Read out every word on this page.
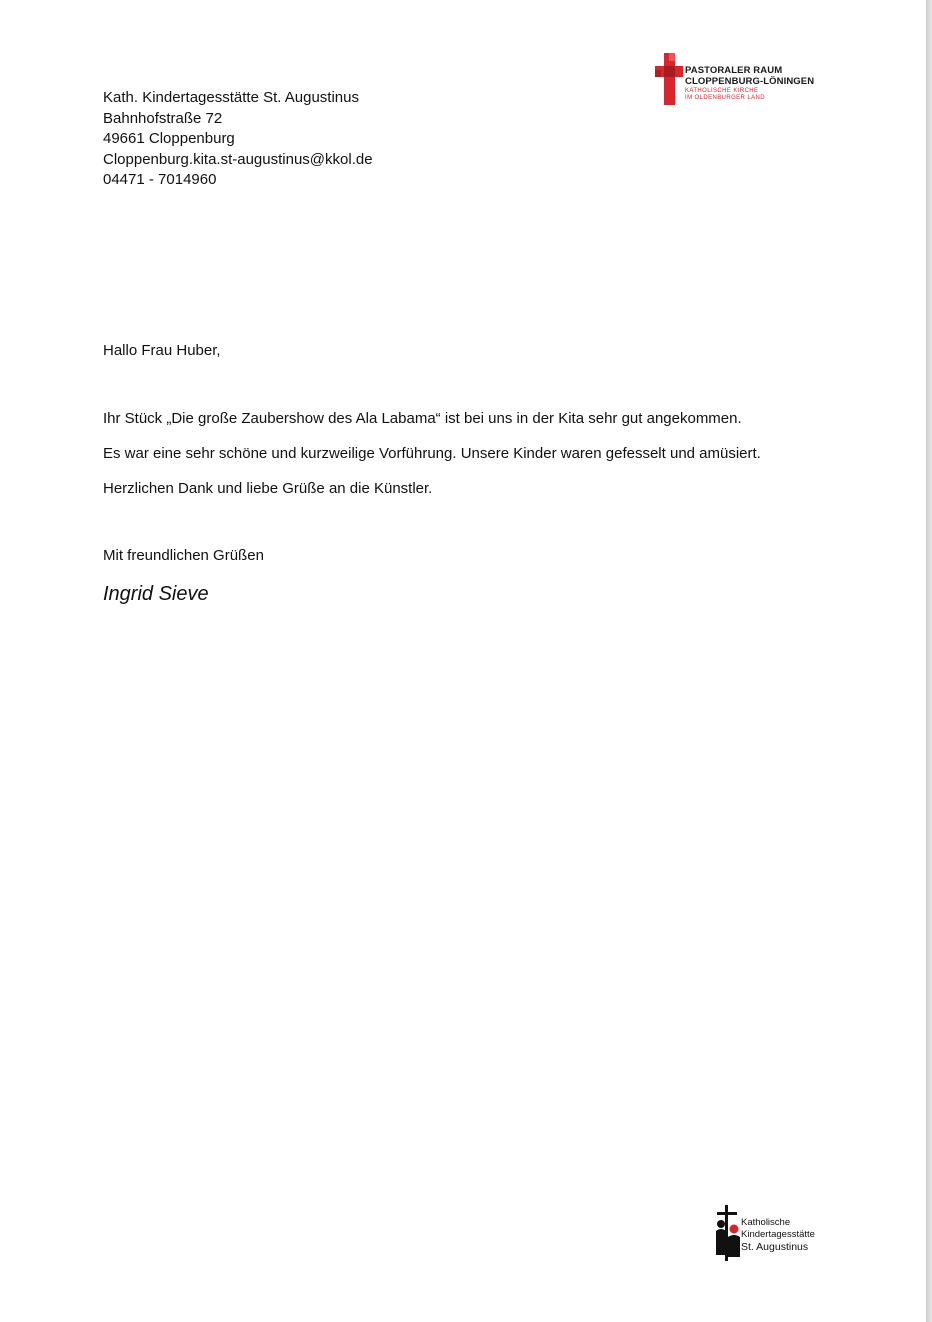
Kath. Kindertagesstätte St. Augustinus
Bahnhofstraße 72
49661 Cloppenburg
Cloppenburg.kita.st-augustinus@kkol.de
04471 - 7014960
PASTORALER RAUM
CLOPPENBURG-LÖNINGEN
KATHOLISCHE KIRCHE
IM OLDENBURGER LAND
Hallo Frau Huber,
Ihr Stück „Die große Zaubershow des Ala Labama“ ist bei uns in der Kita sehr gut angekommen.
Es war eine sehr schöne und kurzweilige Vorführung. Unsere Kinder waren gefesselt und amüsiert.
Herzlichen Dank und liebe Grüße an die Künstler.
Mit freundlichen Grüßen
Ingrid Sieve
Katholische
Kindertagesstätte
St. Augustinus
